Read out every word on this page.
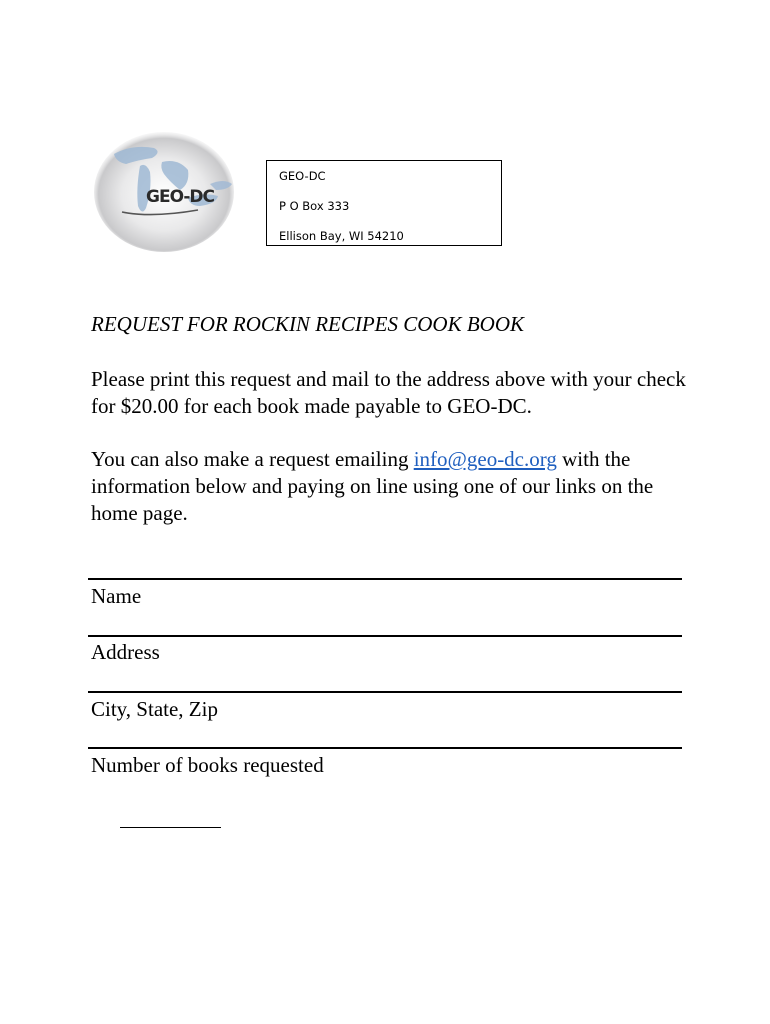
GEO-DC
GEO-DC
P O Box 333
Ellison Bay, WI 54210
REQUEST FOR ROCKIN RECIPES COOK BOOK
Please print this request and mail to the address above with your check for $20.00 for each book made payable to GEO-DC.
You can also make a request emailing info@geo-dc.org with the information below and paying on line using one of our links on the home page.
Name
Address
City, State, Zip
Number of books requested
